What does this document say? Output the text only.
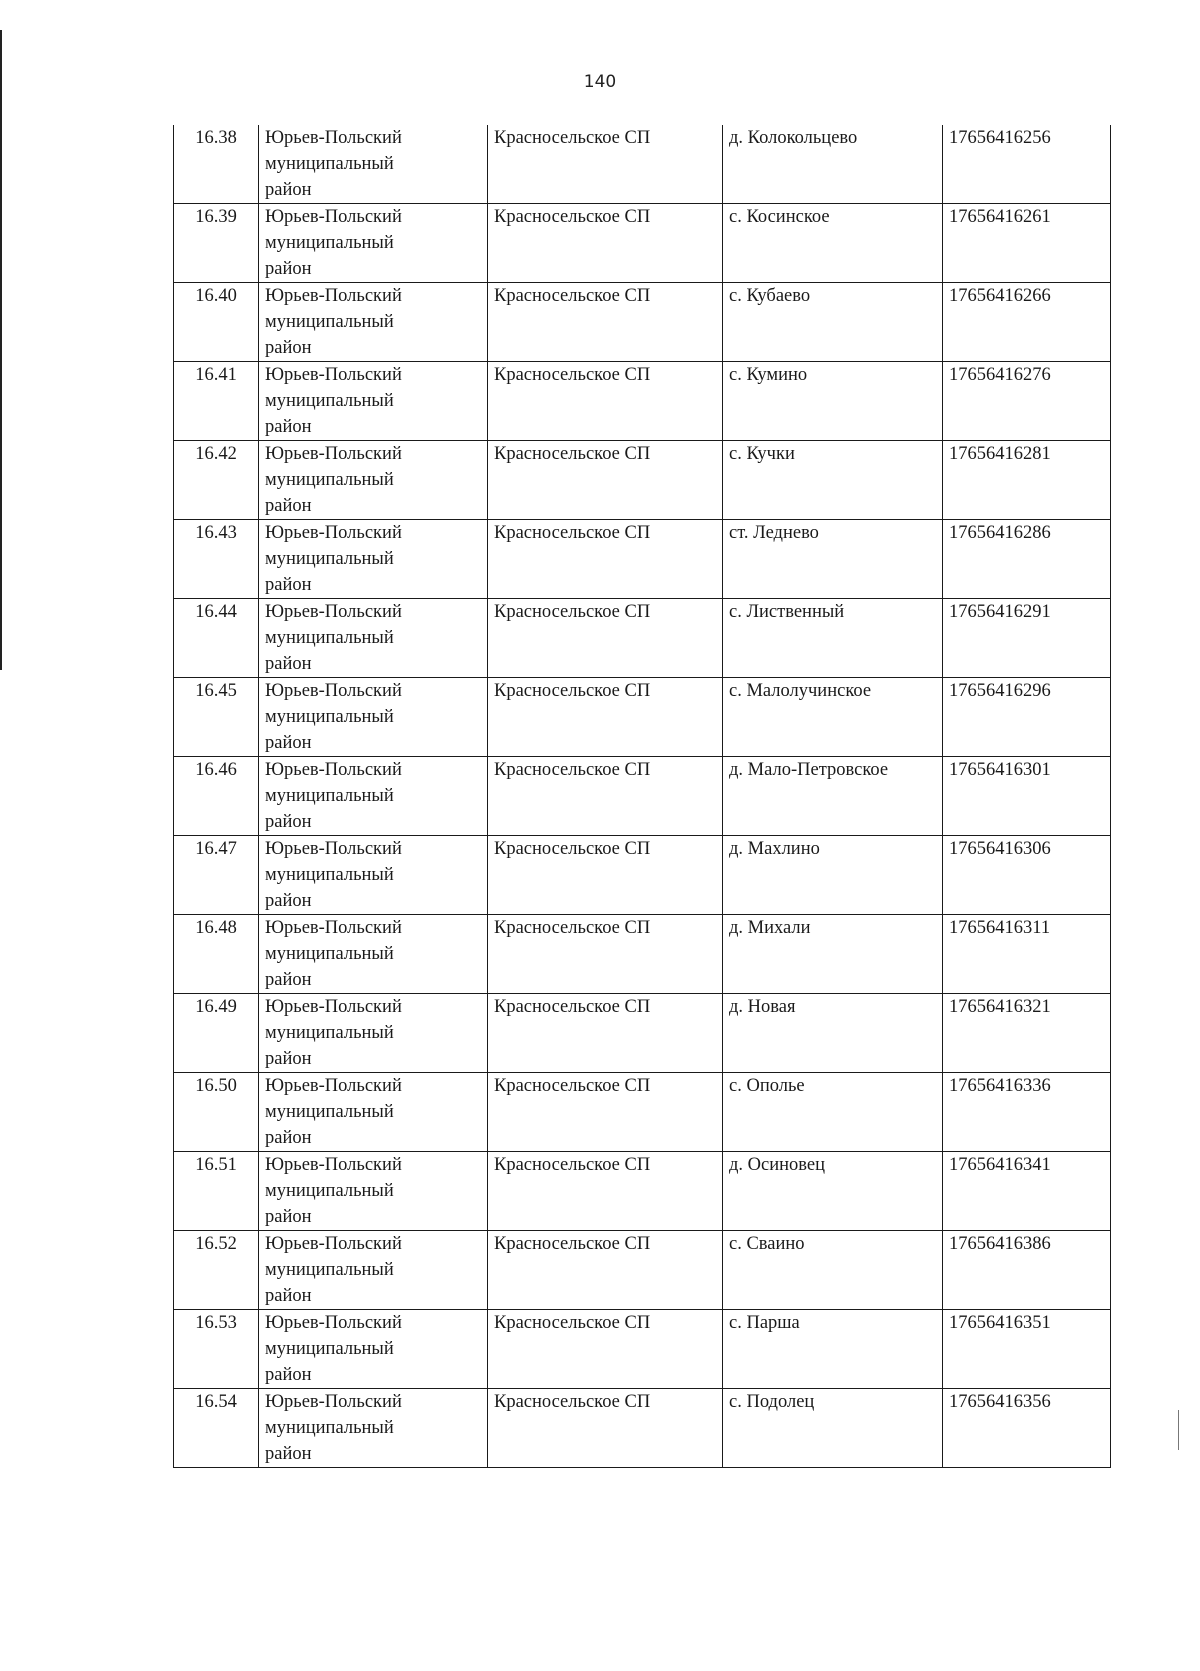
140
16.38	Юрьев-Польский
муниципальный
район	Красносельское СП	д. Колокольцево	17656416256
16.39	Юрьев-Польский
муниципальный
район	Красносельское СП	с. Косинское	17656416261
16.40	Юрьев-Польский
муниципальный
район	Красносельское СП	с. Кубаево	17656416266
16.41	Юрьев-Польский
муниципальный
район	Красносельское СП	с. Кумино	17656416276
16.42	Юрьев-Польский
муниципальный
район	Красносельское СП	с. Кучки	17656416281
16.43	Юрьев-Польский
муниципальный
район	Красносельское СП	ст. Леднево	17656416286
16.44	Юрьев-Польский
муниципальный
район	Красносельское СП	с. Лиственный	17656416291
16.45	Юрьев-Польский
муниципальный
район	Красносельское СП	с. Малолучинское	17656416296
16.46	Юрьев-Польский
муниципальный
район	Красносельское СП	д. Мало-Петровское	17656416301
16.47	Юрьев-Польский
муниципальный
район	Красносельское СП	д. Махлино	17656416306
16.48	Юрьев-Польский
муниципальный
район	Красносельское СП	д. Михали	17656416311
16.49	Юрьев-Польский
муниципальный
район	Красносельское СП	д. Новая	17656416321
16.50	Юрьев-Польский
муниципальный
район	Красносельское СП	с. Ополье	17656416336
16.51	Юрьев-Польский
муниципальный
район	Красносельское СП	д. Осиновец	17656416341
16.52	Юрьев-Польский
муниципальный
район	Красносельское СП	с. Сваино	17656416386
16.53	Юрьев-Польский
муниципальный
район	Красносельское СП	с. Парша	17656416351
16.54	Юрьев-Польский
муниципальный
район	Красносельское СП	с. Подолец	17656416356
